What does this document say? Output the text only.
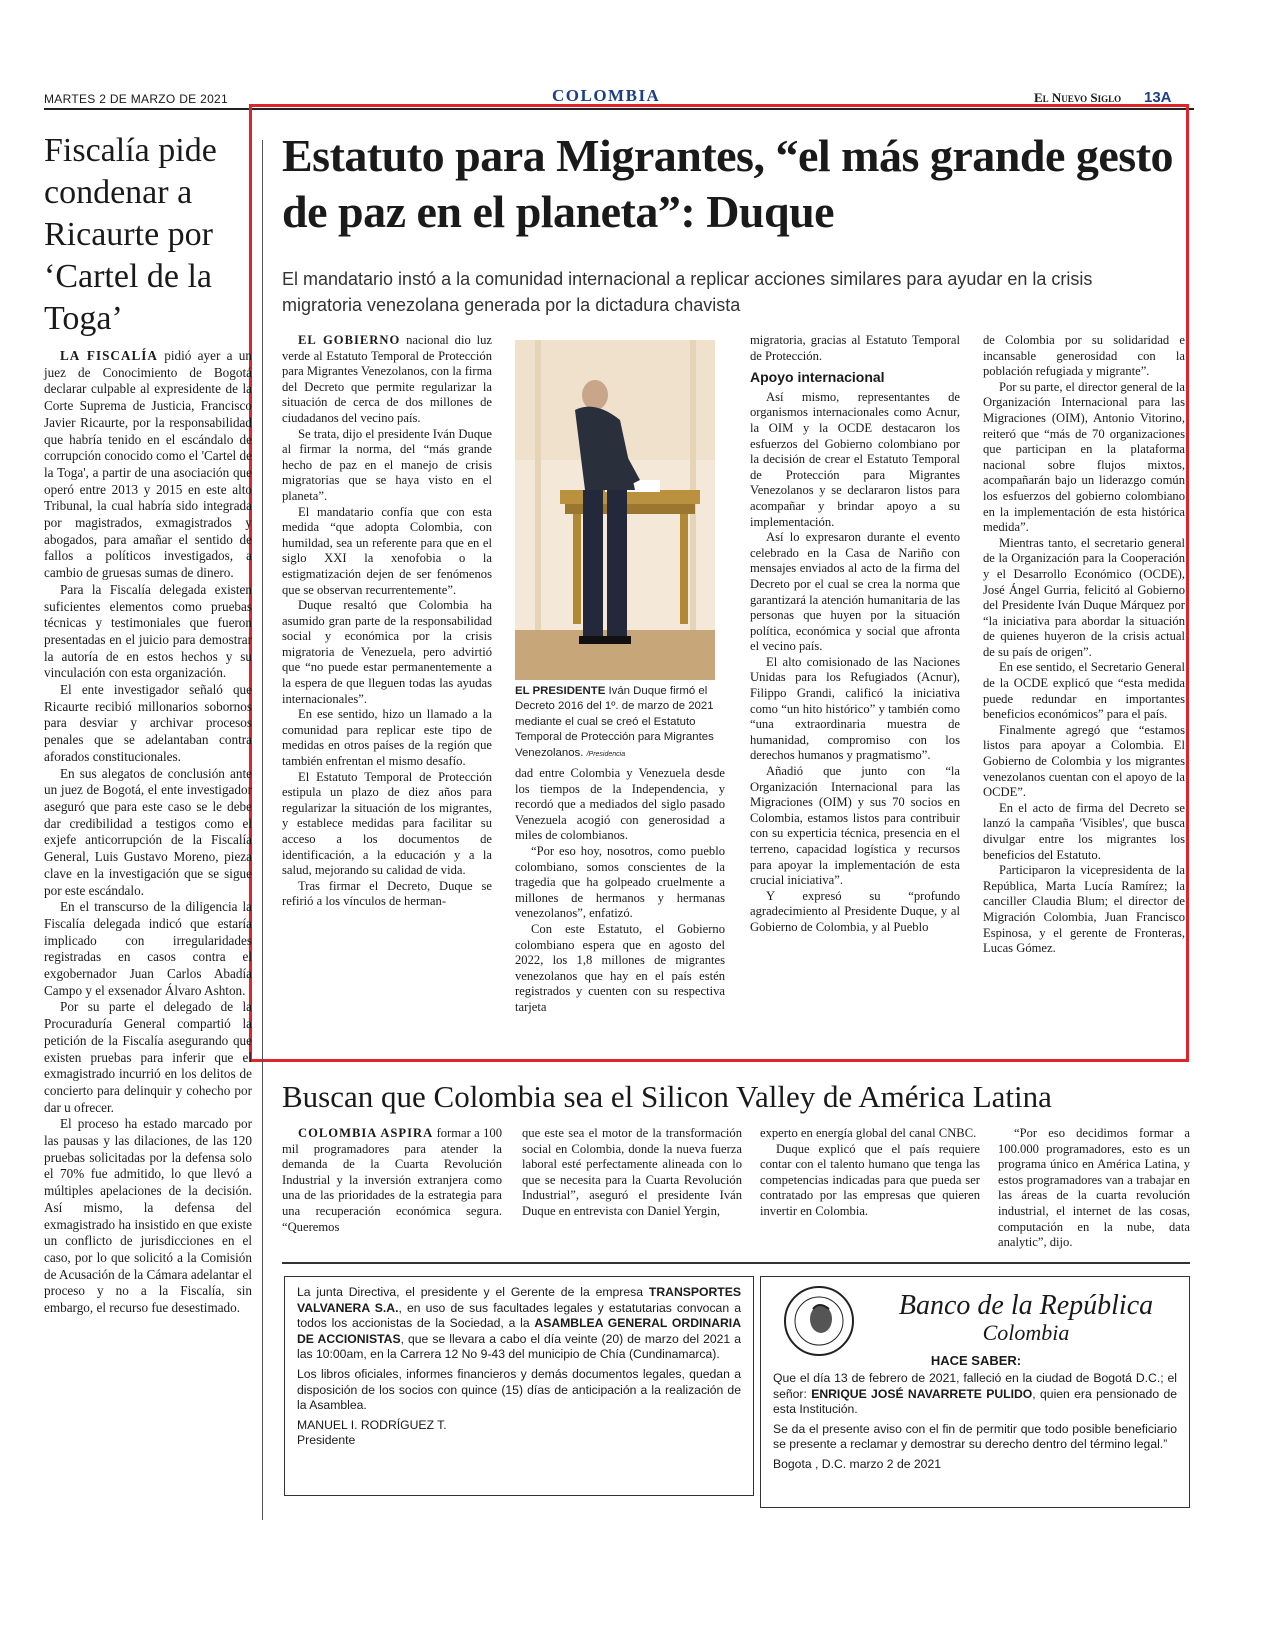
MARTES 2 DE MARZO DE 2021	COLOMBIA	El Nuevo Siglo 13A
Fiscalía pide condenar a Ricaurte por ‘Cartel de la Toga’

LA FISCALÍA pidió ayer a un juez de Conocimiento de Bogotá declarar culpable al expresidente de la Corte Suprema de Justicia, Francisco Javier Ricaurte, por la responsabilidad que habría tenido en el escándalo de corrupción conocido como el 'Cartel de la Toga', a partir de una asociación que operó entre 2013 y 2015 en este alto Tribunal, la cual habría sido integrada por magistrados, exmagistrados y abogados, para amañar el sentido de fallos a políticos investigados, a cambio de gruesas sumas de dinero.

Para la Fiscalía delegada existen suficientes elementos como pruebas técnicas y testimoniales que fueron presentadas en el juicio para demostrar la autoría de en estos hechos y su vinculación con esta organización.

El ente investigador señaló que Ricaurte recibió millonarios sobornos para desviar y archivar procesos penales que se adelantaban contra aforados constitucionales.

En sus alegatos de conclusión ante un juez de Bogotá, el ente investigador aseguró que para este caso se le debe dar credibilidad a testigos como el exjefe anticorrupción de la Fiscalía General, Luis Gustavo Moreno, pieza clave en la investigación que se sigue por este escándalo.

En el transcurso de la diligencia la Fiscalía delegada indicó que estaría implicado con irregularidades registradas en casos contra el exgobernador Juan Carlos Abadía Campo y el exsenador Álvaro Ashton.

Por su parte el delegado de la Procuraduría General compartió la petición de la Fiscalía asegurando que existen pruebas para inferir que el exmagistrado incurrió en los delitos de concierto para delinquir y cohecho por dar u ofrecer.

El proceso ha estado marcado por las pausas y las dilaciones, de las 120 pruebas solicitadas por la defensa solo el 70% fue admitido, lo que llevó a múltiples apelaciones de la decisión. Así mismo, la defensa del exmagistrado ha insistido en que existe un conflicto de jurisdicciones en el caso, por lo que solicitó a la Comisión de Acusación de la Cámara adelantar el proceso y no a la Fiscalía, sin embargo, el recurso fue desestimado.

Estatuto para Migrantes, “el más grande gesto de paz en el planeta”: Duque

El mandatario instó a la comunidad internacional a replicar acciones similares para ayudar en la crisis migratoria venezolana generada por la dictadura chavista

EL GOBIERNO nacional dio luz verde al Estatuto Temporal de Protección para Migrantes Venezolanos, con la firma del Decreto que permite regularizar la situación de cerca de dos millones de ciudadanos del vecino país.

Se trata, dijo el presidente Iván Duque al firmar la norma, del “más grande hecho de paz en el manejo de crisis migratorias que se haya visto en el planeta”.

El mandatario confía que con esta medida “que adopta Colombia, con humildad, sea un referente para que en el siglo XXI la xenofobia o la estigmatización dejen de ser fenómenos que se observan recurrentemente”.

Duque resaltó que Colombia ha asumido gran parte de la responsabilidad social y económica por la crisis migratoria de Venezuela, pero advirtió que “no puede estar permanentemente a la espera de que lleguen todas las ayudas internacionales”.

En ese sentido, hizo un llamado a la comunidad para replicar este tipo de medidas en otros países de la región que también enfrentan el mismo desafío.

El Estatuto Temporal de Protección estipula un plazo de diez años para regularizar la situación de los migrantes, y establece medidas para facilitar su acceso a los documentos de identificación, a la educación y a la salud, mejorando su calidad de vida.

Tras firmar el Decreto, Duque se refirió a los vínculos de herman-

EL PRESIDENTE Iván Duque firmó el Decreto 2016 del 1º. de marzo de 2021 mediante el cual se creó el Estatuto Temporal de Protección para Migrantes Venezolanos. /Presidencia

dad entre Colombia y Venezuela desde los tiempos de la Independencia, y recordó que a mediados del siglo pasado Venezuela acogió con generosidad a miles de colombianos.

“Por eso hoy, nosotros, como pueblo colombiano, somos conscientes de la tragedia que ha golpeado cruelmente a millones de hermanos y hermanas venezolanos”, enfatizó.

Con este Estatuto, el Gobierno colombiano espera que en agosto del 2022, los 1,8 millones de migrantes venezolanos que hay en el país estén registrados y cuenten con su respectiva tarjeta

migratoria, gracias al Estatuto Temporal de Protección.

Apoyo internacional

Así mismo, representantes de organismos internacionales como Acnur, la OIM y la OCDE destacaron los esfuerzos del Gobierno colombiano por la decisión de crear el Estatuto Temporal de Protección para Migrantes Venezolanos y se declararon listos para acompañar y brindar apoyo a su implementación.

Así lo expresaron durante el evento celebrado en la Casa de Nariño con mensajes enviados al acto de la firma del Decreto por el cual se crea la norma que garantizará la atención humanitaria de las personas que huyen por la situación política, económica y social que afronta el vecino país.

El alto comisionado de las Naciones Unidas para los Refugiados (Acnur), Filippo Grandi, calificó la iniciativa como “un hito histórico” y también como “una extraordinaria muestra de humanidad, compromiso con los derechos humanos y pragmatismo”.

Añadió que junto con “la Organización Internacional para las Migraciones (OIM) y sus 70 socios en Colombia, estamos listos para contribuir con su experticia técnica, presencia en el terreno, capacidad logística y recursos para apoyar la implementación de esta crucial iniciativa”.

Y expresó su “profundo agradecimiento al Presidente Duque, y al Gobierno de Colombia, y al Pueblo

de Colombia por su solidaridad e incansable generosidad con la población refugiada y migrante”.

Por su parte, el director general de la Organización Internacional para las Migraciones (OIM), Antonio Vitorino, reiteró que “más de 70 organizaciones que participan en la plataforma nacional sobre flujos mixtos, acompañarán bajo un liderazgo común los esfuerzos del gobierno colombiano en la implementación de esta histórica medida”.

Mientras tanto, el secretario general de la Organización para la Cooperación y el Desarrollo Económico (OCDE), José Ángel Gurria, felicitó al Gobierno del Presidente Iván Duque Márquez por “la iniciativa para abordar la situación de quienes huyeron de la crisis actual de su país de origen”.

En ese sentido, el Secretario General de la OCDE explicó que “esta medida puede redundar en importantes beneficios económicos” para el país.

Finalmente agregó que “estamos listos para apoyar a Colombia. El Gobierno de Colombia y los migrantes venezolanos cuentan con el apoyo de la OCDE”.

En el acto de firma del Decreto se lanzó la campaña 'Visibles', que busca divulgar entre los migrantes los beneficios del Estatuto.

Participaron la vicepresidenta de la República, Marta Lucía Ramírez; la canciller Claudia Blum; el director de Migración Colombia, Juan Francisco Espinosa, y el gerente de Fronteras, Lucas Gómez.

Buscan que Colombia sea el Silicon Valley de América Latina

COLOMBIA ASPIRA formar a 100 mil programadores para atender la demanda de la Cuarta Revolución Industrial y la inversión extranjera como una de las prioridades de la estrategia para una recuperación económica segura. “Queremos

que este sea el motor de la transformación social en Colombia, donde la nueva fuerza laboral esté perfectamente alineada con lo que se necesita para la Cuarta Revolución Industrial”, aseguró el presidente Iván Duque en entrevista con Daniel Yergin,

experto en energía global del canal CNBC.

Duque explicó que el país requiere contar con el talento humano que tenga las competencias indicadas para que pueda ser contratado por las empresas que quieren invertir en Colombia.

“Por eso decidimos formar a 100.000 programadores, esto es un programa único en América Latina, y estos programadores van a trabajar en las áreas de la cuarta revolución industrial, el internet de las cosas, computación en la nube, data analytic”, dijo.

La junta Directiva, el presidente y el Gerente de la empresa TRANSPORTES VALVANERA S.A., en uso de sus facultades legales y estatutarias convocan a todos los accionistas de la Sociedad, a la ASAMBLEA GENERAL ORDINARIA DE ACCIONISTAS, que se llevara a cabo el día veinte (20) de marzo del 2021 a las 10:00am, en la Carrera 12 No 9-43 del municipio de Chía (Cundinamarca).

Los libros oficiales, informes financieros y demás documentos legales, quedan a disposición de los socios con quince (15) días de anticipación a la realización de la Asamblea.

MANUEL I. RODRÍGUEZ T.

Presidente

Banco de la República
Colombia
HACE SABER:

Que el día 13 de febrero de 2021, falleció en la ciudad de Bogotá D.C.; el señor: ENRIQUE JOSÉ NAVARRETE PULIDO, quien era pensionado de esta Institución.

Se da el presente aviso con el fin de permitir que todo posible beneficiario se presente a reclamar y demostrar su derecho dentro del término legal.”

Bogota , D.C. marzo 2 de 2021
